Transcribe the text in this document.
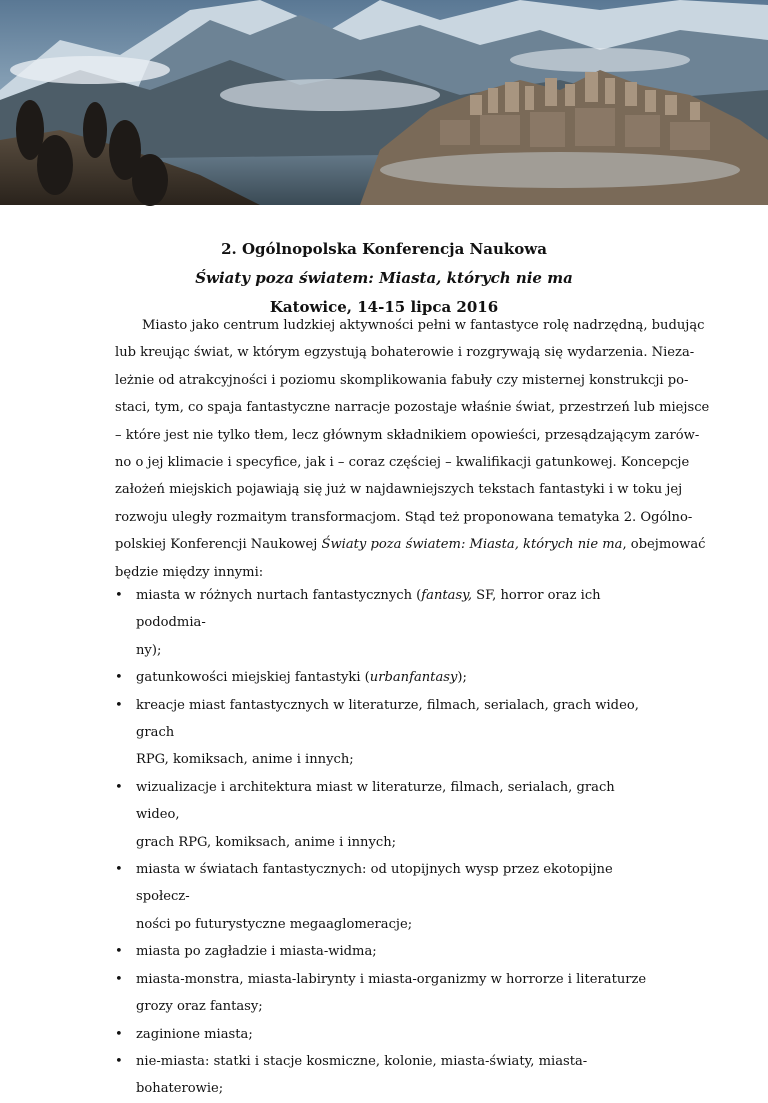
2. Ogólnopolska Konferencja Naukowa
Światy poza światem: Miasta, których nie ma
Katowice, 14-15 lipca 2016
Miasto jako centrum ludzkiej aktywności pełni w fantastyce rolę nadrzędną, budując
lub kreując świat, w którym egzystują bohaterowie i rozgrywają się wydarzenia. Nieza-
leżnie od atrakcyjności i poziomu skomplikowania fabuły czy misternej konstrukcji po-
staci, tym, co spaja fantastyczne narracje pozostaje właśnie świat, przestrzeń lub miejsce
– które jest nie tylko tłem, lecz głównym składnikiem opowieści, przesądzającym zarów-
no o jej klimacie i specyfice, jak i – coraz częściej – kwalifikacji gatunkowej. Koncepcje
założeń miejskich pojawiają się już w najdawniejszych tekstach fantastyki i w toku jej
rozwoju uległy rozmaitym transformacjom. Stąd też proponowana tematyka 2. Ogólno-
polskiej Konferencji Naukowej Światy poza światem: Miasta, których nie ma, obejmować
będzie między innymi:
• miasta w różnych nurtach fantastycznych (fantasy, SF, horror oraz ich pododmia-
ny);
• gatunkowości miejskiej fantastyki (urbanfantasy);
• kreacje miast fantastycznych w literaturze, filmach, serialach, grach wideo, grach
RPG, komiksach, anime i innych;
• wizualizacje i architektura miast w literaturze, filmach, serialach, grach wideo,
grach RPG, komiksach, anime i innych;
• miasta w światach fantastycznych: od utopijnych wysp przez ekotopijne społecz-
ności po futurystyczne megaaglomeracje;
• miasta po zagładzie i miasta-widma;
• miasta-monstra, miasta-labirynty i miasta-organizmy w horrorze i literaturze
grozy oraz fantasy;
• zaginione miasta;
• nie-miasta: statki i stacje kosmiczne, kolonie, miasta-światy, miasta-bohaterowie;
